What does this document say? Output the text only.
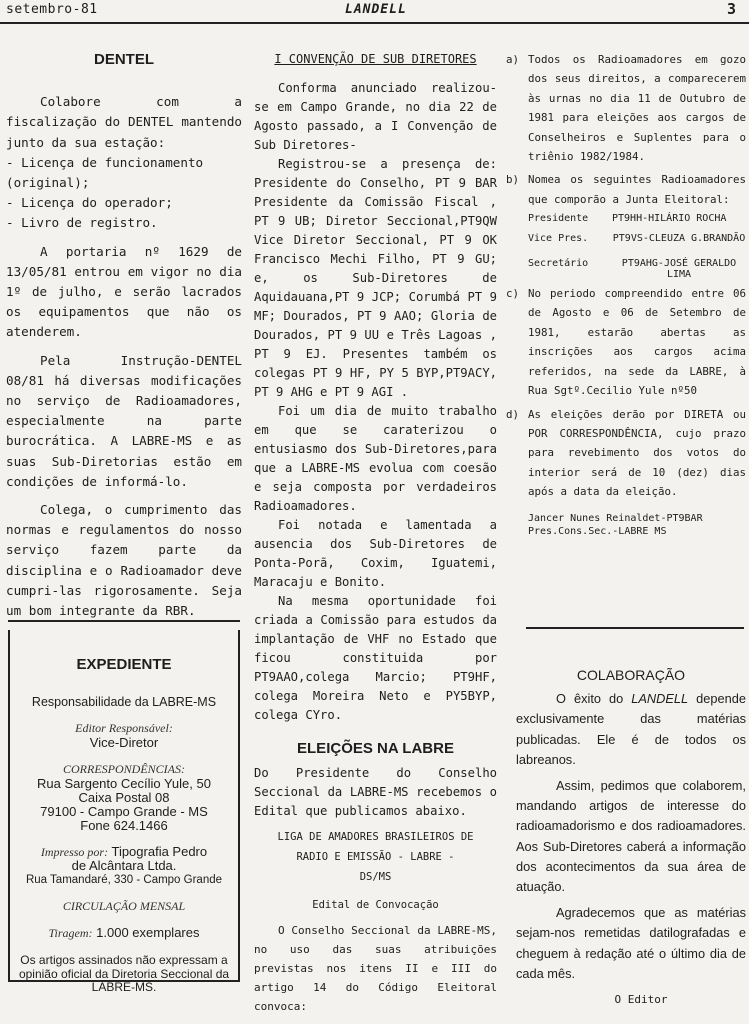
setembro-81	LANDELL	3
DENTEL

Colabore com a fiscalização do DENTEL mantendo junto da sua estação:

- Licença de funcionamento (original);
- Licença do operador;
- Livro de registro.

A portaria nº 1629 de 13/05/81 entrou em vigor no dia 1º de julho, e serão lacrados os equipamentos que não os atenderem.

Pela Instrução-DENTEL 08/81 há diversas modificações no serviço de Radioamadores, especialmente na parte burocrática. A LABRE-MS e as suas Sub-Diretorias estão em condições de informá-lo.

Colega, o cumprimento das normas e regulamentos do nosso serviço fazem parte da disciplina e o Radioamador deve cumpri-las rigorosamente. Seja um bom integrante da RBR.

EXPEDIENTE
Responsabilidade da LABRE-MS
Editor Responsável:
Vice-Diretor
CORRESPONDÊNCIAS:
Rua Sargento Cecílio Yule, 50
Caixa Postal 08
79100 - Campo Grande - MS
Fone 624.1466
Impresso por: Tipografia Pedro
de Alcântara Ltda.
Rua Tamandaré, 330 - Campo Grande
CIRCULAÇÃO MENSAL
Tiragem: 1.000 exemplares
Os artigos assinados não expressam a opinião oficial da Diretoria Seccional da LABRE-MS.
I CONVENÇÃO DE SUB DIRETORES

Conforma anunciado realizou-se em Campo Grande, no dia 22 de Agosto passado, a I Convenção de Sub Diretores-

Registrou-se a presença de: Presidente do Conselho, PT 9 BAR Presidente da Comissão Fiscal , PT 9 UB; Diretor Seccional,PT9QW Vice Diretor Seccional, PT 9 OK Francisco Mechi Filho, PT 9 GU; e, os Sub-Diretores de Aquidauana,PT 9 JCP; Corumbá PT 9 MF; Dourados, PT 9 AAO; Gloria de Dourados, PT 9 UU e Três Lagoas , PT 9 EJ. Presentes também os colegas PT 9 HF, PY 5 BYP,PT9ACY, PT 9 AHG e PT 9 AGI .

Foi um dia de muito trabalho em que se caraterizou o entusiasmo dos Sub-Diretores,para que a LABRE-MS evolua com coesão e seja composta por verdadeiros Radioamadores.

Foi notada e lamentada a ausencia dos Sub-Diretores de Ponta-Porã, Coxim, Iguatemi, Maracaju e Bonito.

Na mesma oportunidade foi criada a Comissão para estudos da implantação de VHF no Estado que ficou constituida por PT9AAO,colega Marcio; PT9HF, colega Moreira Neto e PY5BYP, colega CYro.

ELEIÇÕES NA LABRE

Do Presidente do Conselho Seccional da LABRE-MS recebemos o Edital que publicamos abaixo.

LIGA DE AMADORES BRASILEIROS DE
RADIO E EMISSÃO - LABRE -
DS/MS
Edital de Convocação

O Conselho Seccional da LABRE-MS, no uso das suas atribuições previstas nos itens II e III do artigo 14 do Código Eleitoral convoca:

a) Todos os Radioamadores em gozo dos seus direitos, a comparecerem às urnas no dia 11 de Outubro de 1981 para eleições aos cargos de Conselheiros e Suplentes para o triênio 1982/1984.
b) Nomea os seguintes Radioamadores que comporão a Junta Eleitoral:
Presidente	PT9HH-HILÁRIO ROCHA
Vice Pres.	PT9VS-CLEUZA G.BRANDÃO
Secretário	PT9AHG-JOSÉ GERALDO LIMA
c) No periodo compreendido entre 06 de Agosto e 06 de Setembro de 1981, estarão abertas as inscrições aos cargos acima referidos, na sede da LABRE, à Rua Sgtº.Cecilio Yule nº50
d) As eleições derão por DIRETA ou POR CORRESPONDÊNCIA, cujo prazo para revebimento dos votos do interior será de 10 (dez) dias após a data da eleição.
Jancer Nunes Reinaldet-PT9BAR
Pres.Cons.Sec.-LABRE MS
COLABORAÇÃO

O êxito do LANDELL depende exclusivamente das matérias publicadas. Ele é de todos os labreanos.

Assim, pedimos que colaborem, mandando artigos de interesse do radioamadorismo e dos radioamadores. Aos Sub-Diretores caberá a informação dos acontecimentos da sua área de atuação.

Agradecemos que as matérias sejam-nos remetidas datilografadas e cheguem à redação até o último dia de cada mês.

O Editor
